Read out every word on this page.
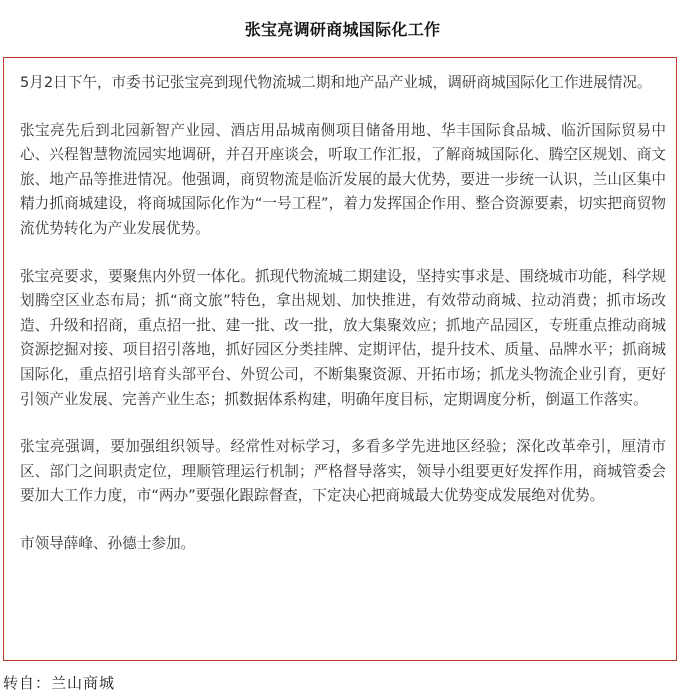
张宝亮调研商城国际化工作

5月2日下午，市委书记张宝亮到现代物流城二期和地产品产业城，调研商城国际化工作进展情况。

张宝亮先后到北园新智产业园、酒店用品城南侧项目储备用地、华丰国际食品城、临沂国际贸易中心、兴程智慧物流园实地调研，并召开座谈会，听取工作汇报，了解商城国际化、腾空区规划、商文旅、地产品等推进情况。他强调，商贸物流是临沂发展的最大优势，要进一步统一认识，兰山区集中精力抓商城建设，将商城国际化作为“一号工程”，着力发挥国企作用、整合资源要素，切实把商贸物流优势转化为产业发展优势。

张宝亮要求，要聚焦内外贸一体化。抓现代物流城二期建设，坚持实事求是、围绕城市功能，科学规划腾空区业态布局；抓“商文旅”特色，拿出规划、加快推进，有效带动商城、拉动消费；抓市场改造、升级和招商，重点招一批、建一批、改一批，放大集聚效应；抓地产品园区，专班重点推动商城资源挖掘对接、项目招引落地，抓好园区分类挂牌、定期评估，提升技术、质量、品牌水平；抓商城国际化，重点招引培育头部平台、外贸公司，不断集聚资源、开拓市场；抓龙头物流企业引育，更好引领产业发展、完善产业生态；抓数据体系构建，明确年度目标，定期调度分析，倒逼工作落实。

张宝亮强调，要加强组织领导。经常性对标学习，多看多学先进地区经验；深化改革牵引，厘清市区、部门之间职责定位，理顺管理运行机制；严格督导落实，领导小组要更好发挥作用，商城管委会要加大工作力度，市“两办”要强化跟踪督查，下定决心把商城最大优势变成发展绝对优势。

市领导薛峰、孙德士参加。

转自：兰山商城
